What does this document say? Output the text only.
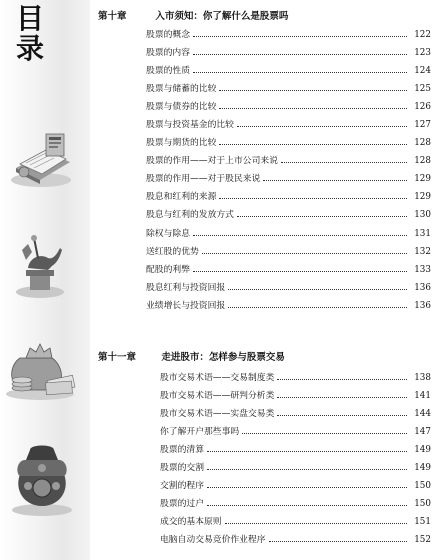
目
录
第十章	入市须知：你了解什么是股票吗
股票的概念	122
股票的内容	123
股票的性质	124
股票与储蓄的比较	125
股票与债券的比较	126
股票与投资基金的比较	127
股票与期货的比较	128
股票的作用——对于上市公司来说	128
股票的作用——对于股民来说	129
股息和红利的来源	129
股息与红利的发放方式	130
除权与除息	131
送红股的优势	132
配股的利弊	133
股息红利与投资回报	136
业绩增长与投资回报	136
第十一章	走进股市：怎样参与股票交易
股市交易术语——交易制度类	138
股市交易术语——研判分析类	141
股市交易术语——实盘交易类	144
你了解开户那些事吗	147
股票的清算	149
股票的交割	149
交割的程序	150
股票的过户	150
成交的基本原则	151
电脑自动交易竞价作业程序	152
